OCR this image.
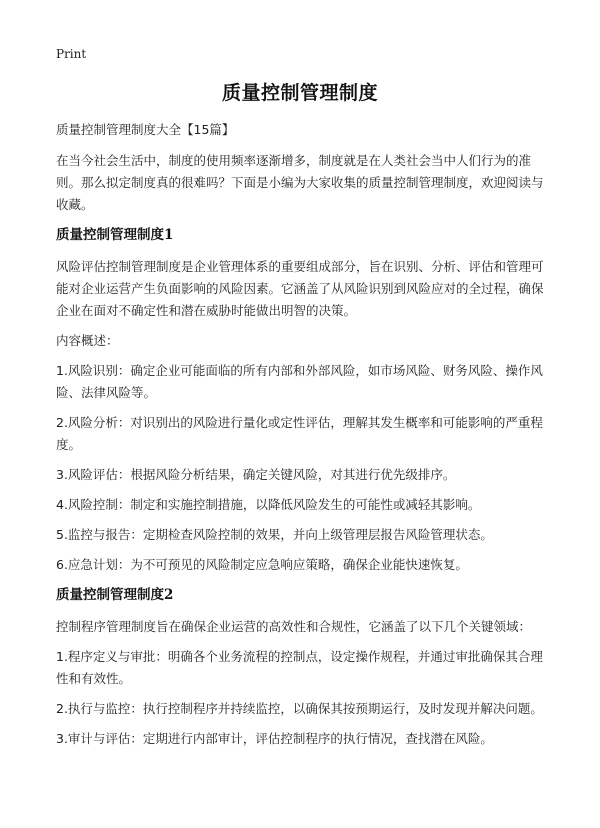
Print
质量控制管理制度

质量控制管理制度大全【15篇】

在当今社会生活中，制度的使用频率逐渐增多，制度就是在人类社会当中人们行为的准则。那么拟定制度真的很难吗？下面是小编为大家收集的质量控制管理制度，欢迎阅读与收藏。

质量控制管理制度1

风险评估控制管理制度是企业管理体系的重要组成部分，旨在识别、分析、评估和管理可能对企业运营产生负面影响的风险因素。它涵盖了从风险识别到风险应对的全过程，确保企业在面对不确定性和潜在威胁时能做出明智的决策。

内容概述：

1.风险识别：确定企业可能面临的所有内部和外部风险，如市场风险、财务风险、操作风险、法律风险等。

2.风险分析：对识别出的风险进行量化或定性评估，理解其发生概率和可能影响的严重程度。

3.风险评估：根据风险分析结果，确定关键风险，对其进行优先级排序。

4.风险控制：制定和实施控制措施，以降低风险发生的可能性或减轻其影响。

5.监控与报告：定期检查风险控制的效果，并向上级管理层报告风险管理状态。

6.应急计划：为不可预见的风险制定应急响应策略，确保企业能快速恢复。

质量控制管理制度2

控制程序管理制度旨在确保企业运营的高效性和合规性，它涵盖了以下几个关键领域：

1.程序定义与审批：明确各个业务流程的控制点，设定操作规程，并通过审批确保其合理性和有效性。

2.执行与监控：执行控制程序并持续监控，以确保其按预期运行，及时发现并解决问题。

3.审计与评估：定期进行内部审计，评估控制程序的执行情况，查找潜在风险。
